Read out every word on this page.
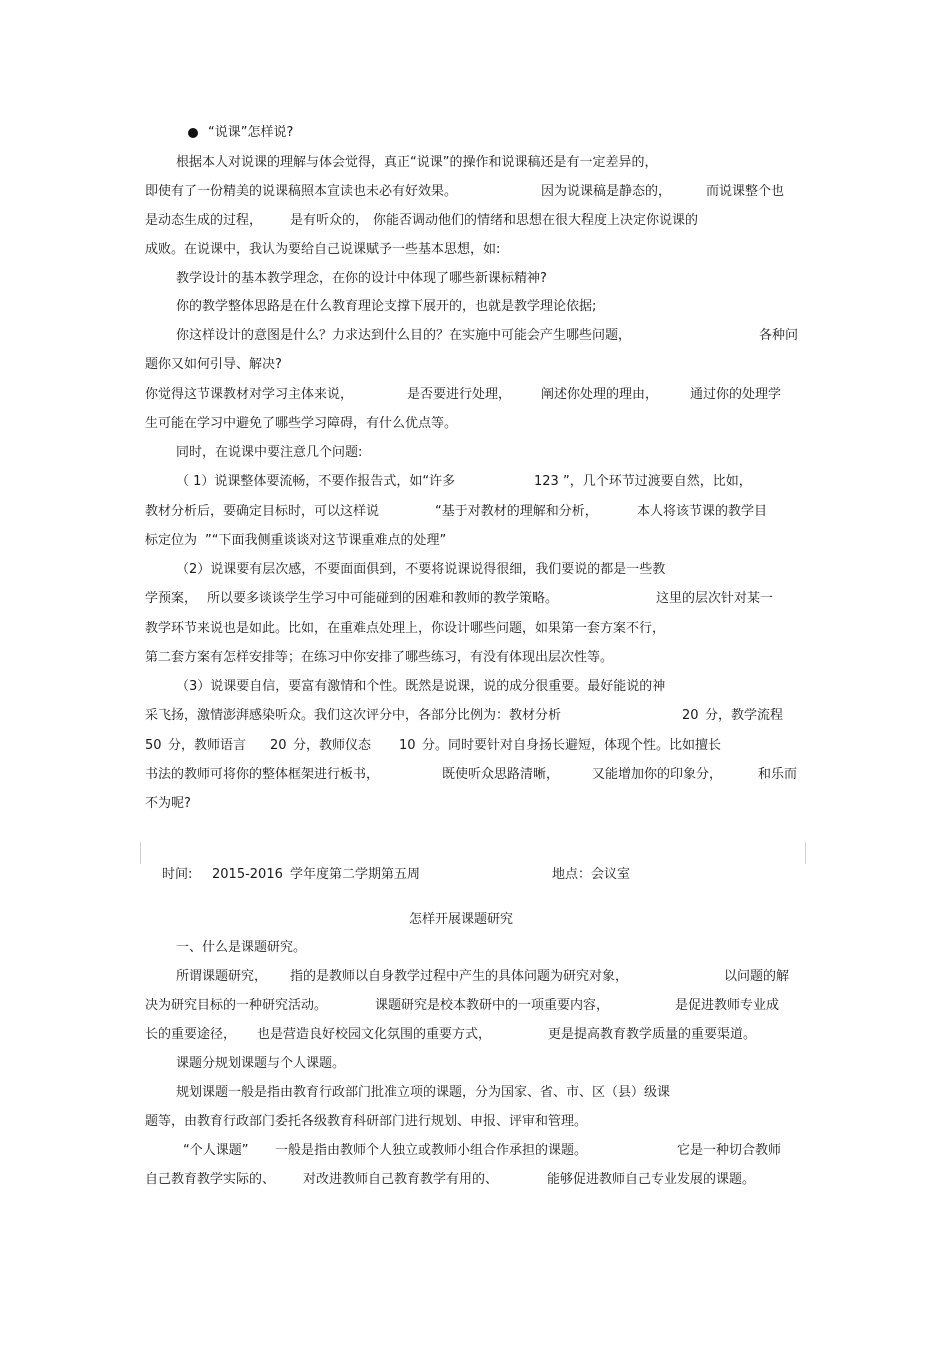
“说课”怎样说?
根据本人对说课的理解与体会觉得，真正“说课”的操作和说课稿还是有一定差异的，
即使有了一份精美的说课稿照本宣读也未必有好效果。	因为说课稿是静态的，	而说课整个也
是动态生成的过程， 是有听众的， 你能否调动他们的情绪和思想在很大程度上决定你说课的
成败。在说课中，我认为要给自己说课赋予一些基本思想，如:
教学设计的基本教学理念，在你的设计中体现了哪些新课标精神?
你的教学整体思路是在什么教育理论支撑下展开的，也就是教学理论依据;
你这样设计的意图是什么？力求达到什么目的？在实施中可能会产生哪些问题，	各种问
题你又如何引导、解决?
你觉得这节课教材对学习主体来说，	是否要进行处理， 阐述你处理的理由， 通过你的处理学
生可能在学习中避免了哪些学习障碍，有什么优点等。
同时，在说课中要注意几个问题:
（ 1）说课整体要流畅，不要作报告式，如“许多	123 ”，几个环节过渡要自然，比如，
教材分析后，要确定目标时，可以这样说	“基于对教材的理解和分析，	本人将该节课的教学目
标定位为 ”“下面我侧重谈谈对这节课重难点的处理”
（2）说课要有层次感，不要面面俱到，不要将说课说得很细，我们要说的都是一些教
学预案， 所以要多谈谈学生学习中可能碰到的困难和教师的教学策略。	这里的层次针对某一
教学环节来说也是如此。比如，在重难点处理上，你设计哪些问题，如果第一套方案不行，
第二套方案有怎样安排等；在练习中你安排了哪些练习，有没有体现出层次性等。
（3）说课要自信，要富有激情和个性。既然是说课，说的成分很重要。最好能说的神
采飞扬，激情澎湃感染听众。我们这次评分中，各部分比例为：教材分析	20 分，教学流程
50 分，教师语言 20 分，教师仪态 10 分。同时要针对自身扬长避短，体现个性。比如擅长
书法的教师可将你的整体框架进行板书，	既使听众思路清晰，	又能增加你的印象分，	和乐而
不为呢?
时间: 2015-2016 学年度第二学期第五周	地点：会议室
怎样开展课题研究
一、什么是课题研究。
所谓课题研究， 指的是教师以自身教学过程中产生的具体问题为研究对象，	以问题的解
决为研究目标的一种研究活动。	课题研究是校本教研中的一项重要内容，	是促进教师专业成
长的重要途径， 也是营造良好校园文化氛围的重要方式，	更是提高教育教学质量的重要渠道。
课题分规划课题与个人课题。
规划课题一般是指由教育行政部门批准立项的课题，分为国家、省、市、区（县）级课
题等，由教育行政部门委托各级教育科研部门进行规划、申报、评审和管理。
“个人课题” 一般是指由教师个人独立或教师小组合作承担的课题。	它是一种切合教师
自己教育教学实际的、 对改进教师自己教育教学有用的、	能够促进教师自己专业发展的课题。
